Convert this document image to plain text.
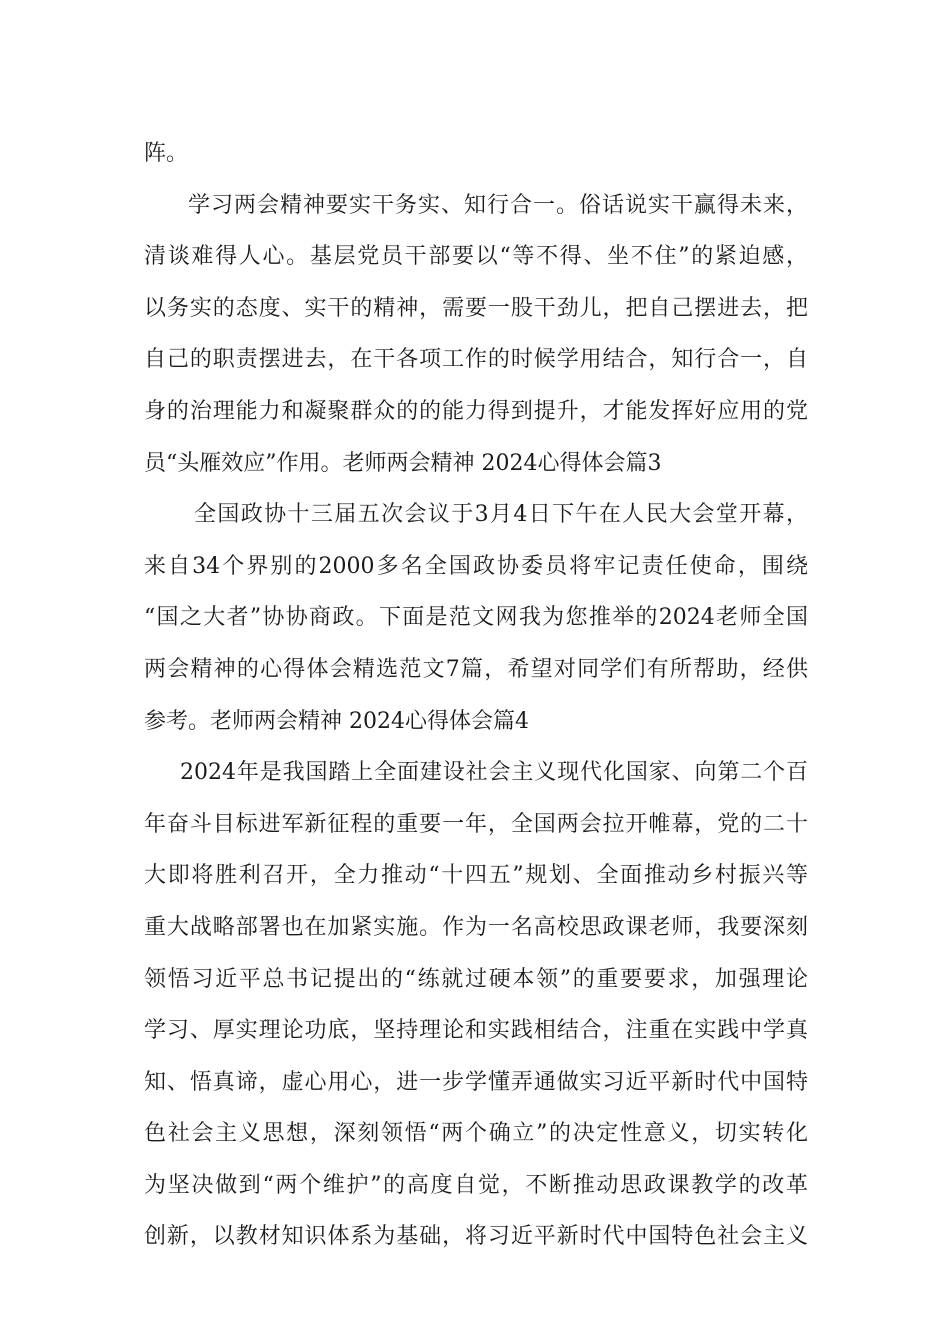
阵。
学习两会精神要实干务实、知行合一。俗话说实干赢得未来，
清谈难得人心。基层党员干部要以“等不得、坐不住”的紧迫感，
以务实的态度、实干的精神，需要一股干劲儿，把自己摆进去，把
自己的职责摆进去，在干各项工作的时候学用结合，知行合一，自
身的治理能力和凝聚群众的的能力得到提升，才能发挥好应用的党
员“头雁效应”作用。老师两会精神 2024心得体会篇3
全国政协十三届五次会议于3月4日下午在人民大会堂开幕，
来自34个界别的2000多名全国政协委员将牢记责任使命，围绕
“国之大者”协协商政。下面是范文网我为您推举的2024老师全国
两会精神的心得体会精选范文7篇，希望对同学们有所帮助，经供
参考。老师两会精神 2024心得体会篇4
2024年是我国踏上全面建设社会主义现代化国家、向第二个百
年奋斗目标进军新征程的重要一年，全国两会拉开帷幕，党的二十
大即将胜利召开，全力推动“十四五”规划、全面推动乡村振兴等
重大战略部署也在加紧实施。作为一名高校思政课老师，我要深刻
领悟习近平总书记提出的“练就过硬本领”的重要要求，加强理论
学习、厚实理论功底，坚持理论和实践相结合，注重在实践中学真
知、悟真谛，虚心用心，进一步学懂弄通做实习近平新时代中国特
色社会主义思想，深刻领悟“两个确立”的决定性意义，切实转化
为坚决做到“两个维护”的高度自觉，不断推动思政课教学的改革
创新，以教材知识体系为基础，将习近平新时代中国特色社会主义
